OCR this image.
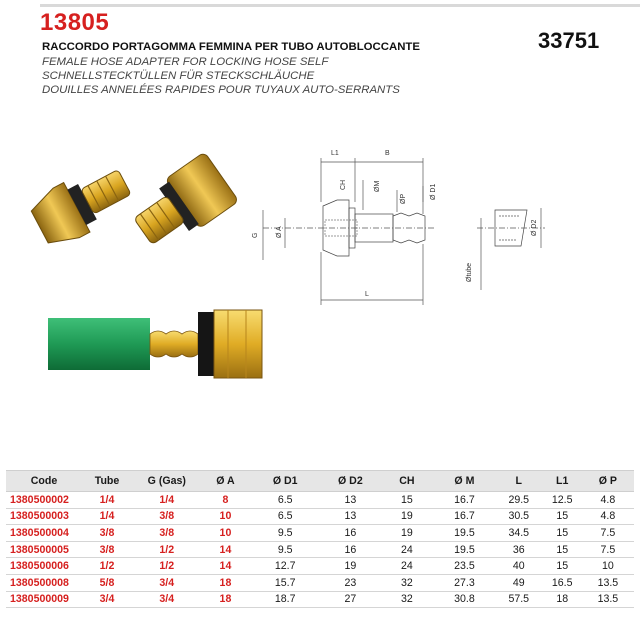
13805
33751
RACCORDO PORTAGOMMA FEMMINA PER TUBO AUTOBLOCCANTE
FEMALE HOSE ADAPTER FOR LOCKING HOSE SELF
SCHNELLSTECKTÜLLEN FÜR STECKSCHLÄUCHE
DOUILLES ANNELÉES RAPIDES POUR TUYAUX AUTO-SERRANTS
L1	B
CH	ØM
ØP	Ø D1
G Ø A
L
Ø D2
Øtube
Code	Tube	G (Gas)	Ø A	Ø D1	Ø D2	CH	Ø M	L	L1	Ø P
1380500002	1/4	1/4	8	6.5	13	15	16.7	29.5	12.5	4.8
1380500003	1/4	3/8	10	6.5	13	19	16.7	30.5	15	4.8
1380500004	3/8	3/8	10	9.5	16	19	19.5	34.5	15	7.5
1380500005	3/8	1/2	14	9.5	16	24	19.5	36	15	7.5
1380500006	1/2	1/2	14	12.7	19	24	23.5	40	15	10
1380500008	5/8	3/4	18	15.7	23	32	27.3	49	16.5	13.5
1380500009	3/4	3/4	18	18.7	27	32	30.8	57.5	18	13.5
